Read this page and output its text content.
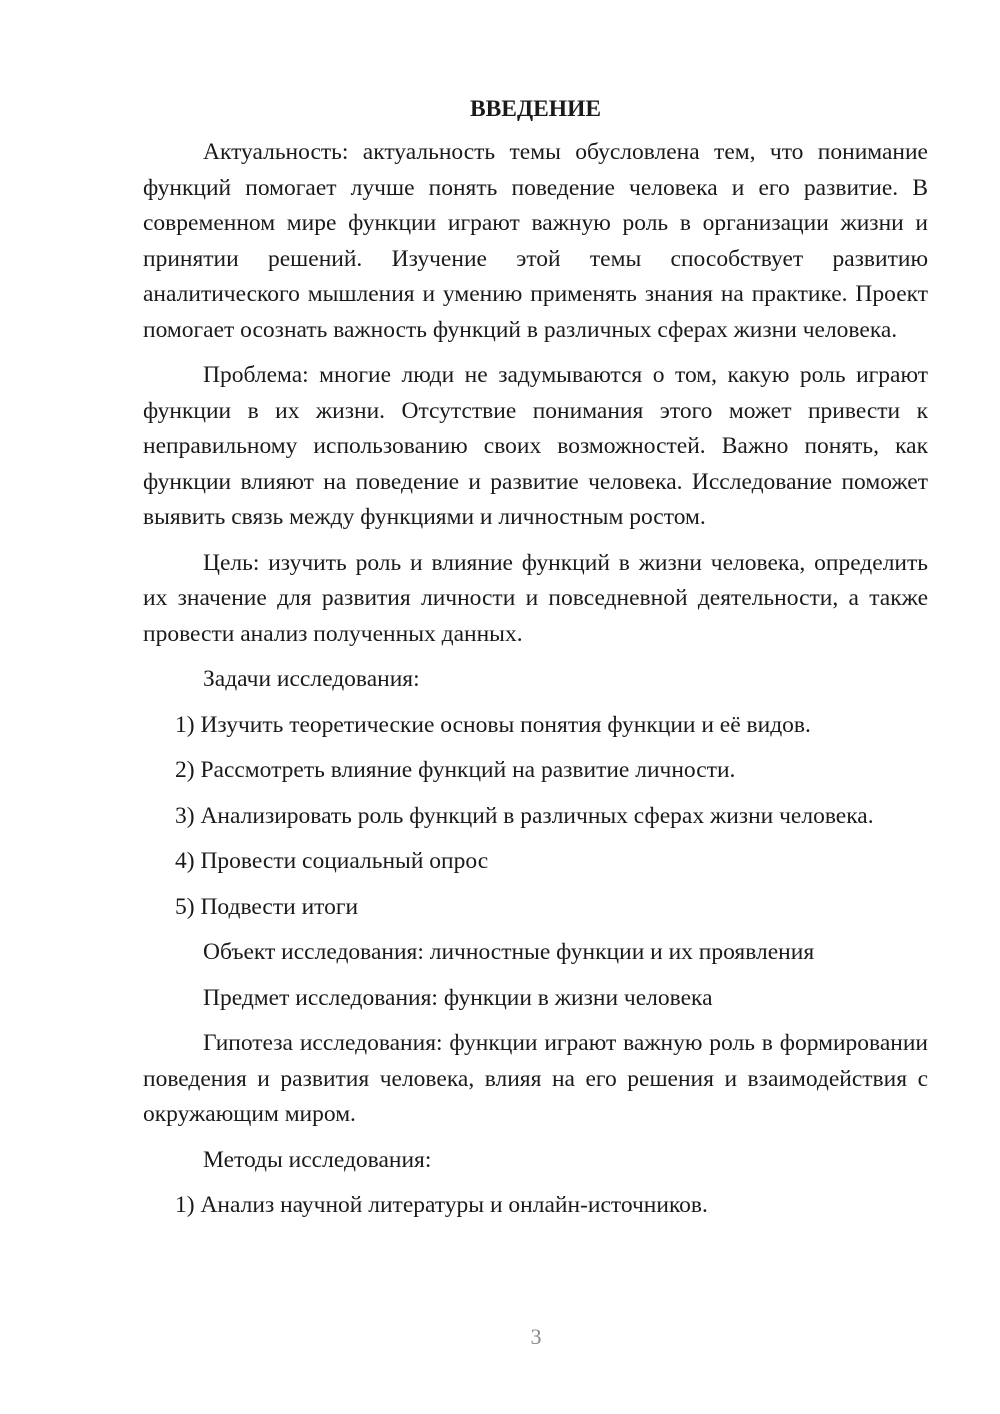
ВВЕДЕНИЕ

Актуальность: актуальность темы обусловлена тем, что понимание функций помогает лучше понять поведение человека и его развитие. В современном мире функции играют важную роль в организации жизни и принятии решений. Изучение этой темы способствует развитию аналитического мышления и умению применять знания на практике. Проект помогает осознать важность функций в различных сферах жизни человека.

Проблема: многие люди не задумываются о том, какую роль играют функции в их жизни. Отсутствие понимания этого может привести к неправильному использованию своих возможностей. Важно понять, как функции влияют на поведение и развитие человека. Исследование поможет выявить связь между функциями и личностным ростом.

Цель: изучить роль и влияние функций в жизни человека, определить их значение для развития личности и повседневной деятельности, а также провести анализ полученных данных.

Задачи исследования:

1) Изучить теоретические основы понятия функции и её видов.
2) Рассмотреть влияние функций на развитие личности.
3) Анализировать роль функций в различных сферах жизни человека.
4) Провести социальный опрос
5) Подвести итоги

Объект исследования: личностные функции и их проявления

Предмет исследования: функции в жизни человека

Гипотеза исследования: функции играют важную роль в формировании поведения и развития человека, влияя на его решения и взаимодействия с окружающим миром.

Методы исследования:

1) Анализ научной литературы и онлайн-источников.
3
